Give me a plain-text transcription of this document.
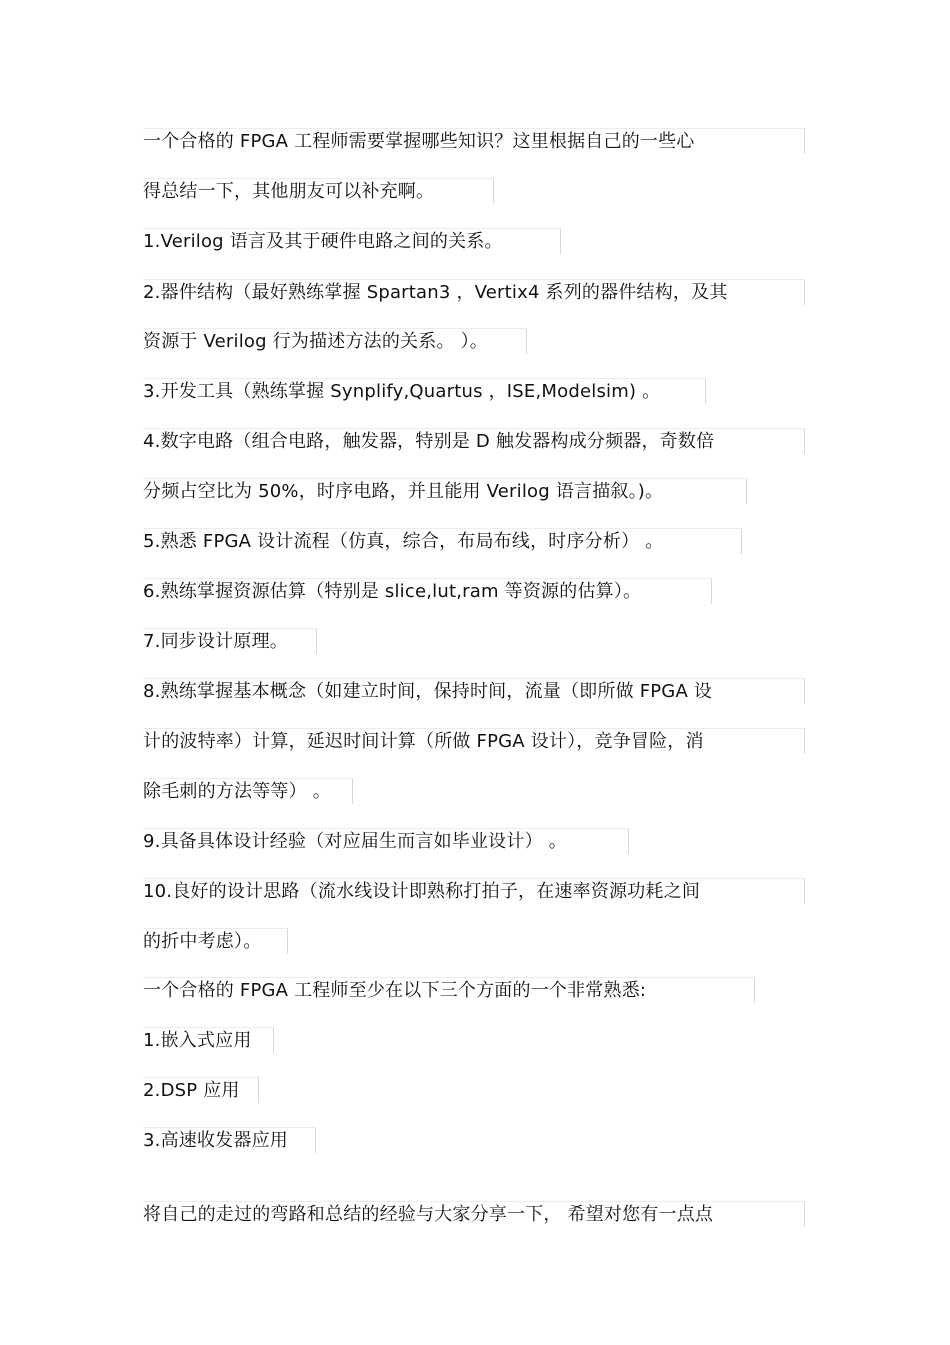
一个合格的 FPGA 工程师需要掌握哪些知识？这里根据自己的一些心
得总结一下，其他朋友可以补充啊。
1.Verilog 语言及其于硬件电路之间的关系。
2.器件结构（最好熟练掌握 Spartan3 ，Vertix4 系列的器件结构，及其
资源于 Verilog 行为描述方法的关系。 ）。
3.开发工具（熟练掌握 Synplify,Quartus ，ISE,Modelsim) 。
4.数字电路（组合电路，触发器，特别是 D 触发器构成分频器，奇数倍
分频占空比为 50%，时序电路，并且能用 Verilog 语言描叙。)。
5.熟悉 FPGA 设计流程（仿真，综合，布局布线，时序分析） 。
6.熟练掌握资源估算（特别是 slice,lut,ram 等资源的估算）。
7.同步设计原理。
8.熟练掌握基本概念（如建立时间，保持时间，流量（即所做 FPGA 设
计的波特率）计算，延迟时间计算（所做 FPGA 设计），竞争冒险，消
除毛刺的方法等等） 。
9.具备具体设计经验（对应届生而言如毕业设计） 。
10.良好的设计思路（流水线设计即熟称打拍子，在速率资源功耗之间
的折中考虑）。
一个合格的 FPGA 工程师至少在以下三个方面的一个非常熟悉:
1.嵌入式应用
2.DSP 应用
3.高速收发器应用
将自己的走过的弯路和总结的经验与大家分享一下， 希望对您有一点点
